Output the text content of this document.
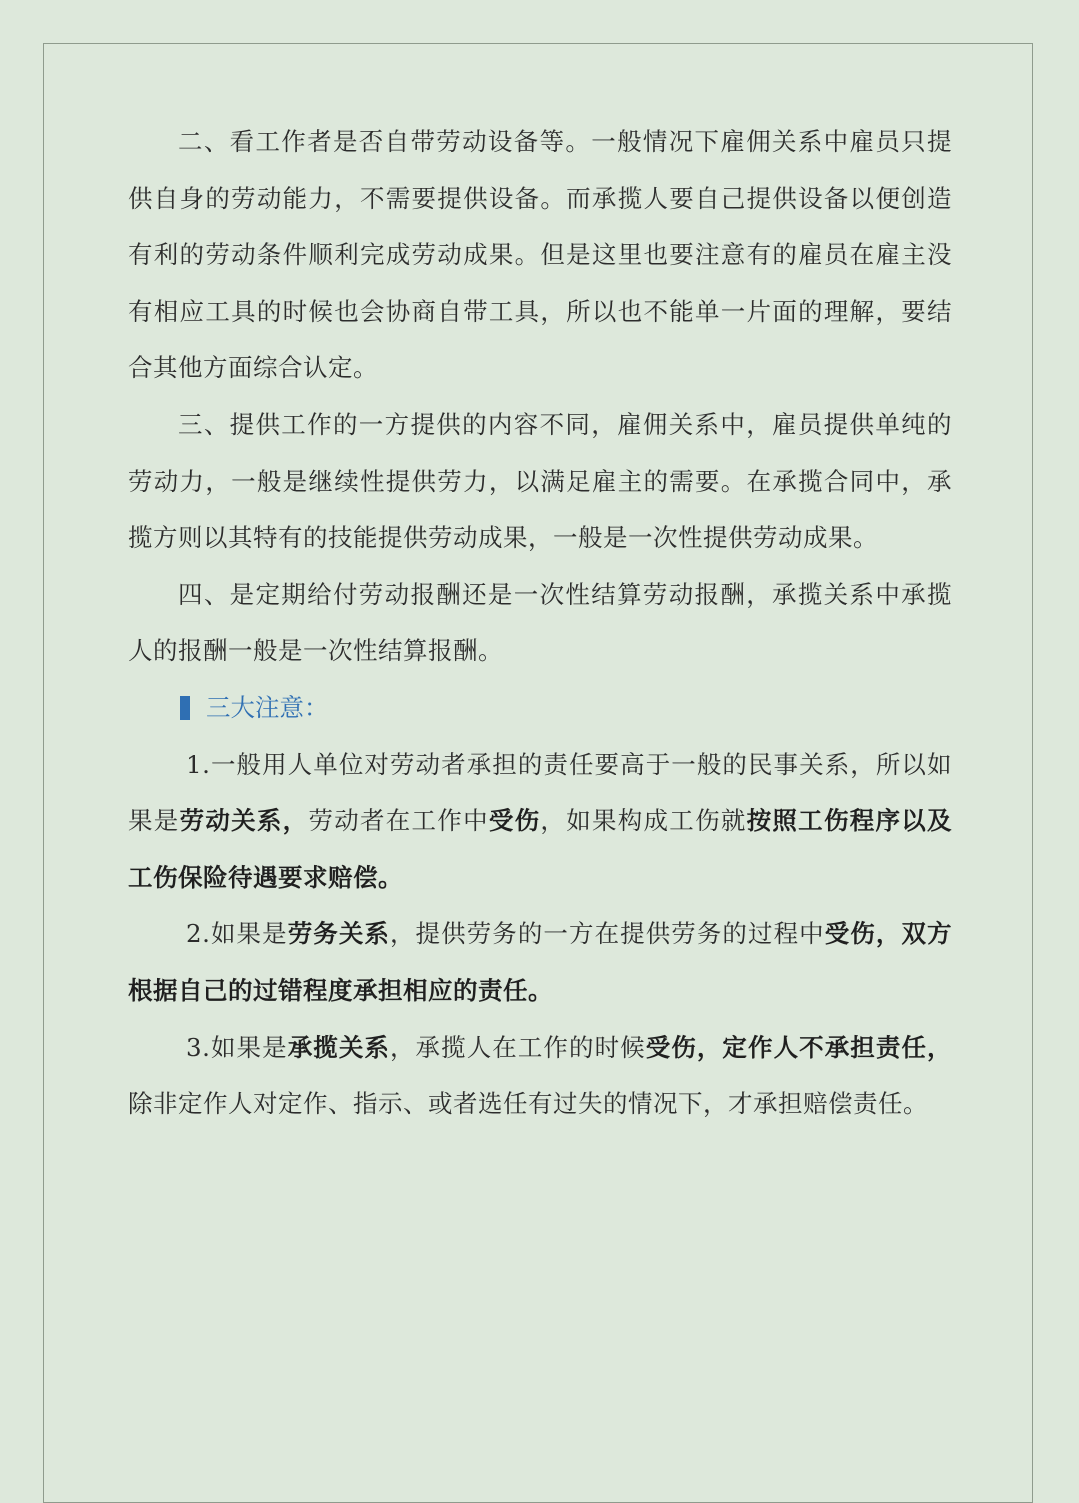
二、看工作者是否自带劳动设备等。一般情况下雇佣关系中雇员只提供自身的劳动能力，不需要提供设备。而承揽人要自己提供设备以便创造有利的劳动条件顺利完成劳动成果。但是这里也要注意有的雇员在雇主没有相应工具的时候也会协商自带工具，所以也不能单一片面的理解，要结合其他方面综合认定。

三、提供工作的一方提供的内容不同，雇佣关系中，雇员提供单纯的劳动力，一般是继续性提供劳力，以满足雇主的需要。在承揽合同中，承揽方则以其特有的技能提供劳动成果，一般是一次性提供劳动成果。

四、是定期给付劳动报酬还是一次性结算劳动报酬，承揽关系中承揽人的报酬一般是一次性结算报酬。

三大注意：

1.一般用人单位对劳动者承担的责任要高于一般的民事关系，所以如果是劳动关系，劳动者在工作中受伤，如果构成工伤就按照工伤程序以及工伤保险待遇要求赔偿。

2.如果是劳务关系，提供劳务的一方在提供劳务的过程中受伤，双方根据自己的过错程度承担相应的责任。

3.如果是承揽关系，承揽人在工作的时候受伤，定作人不承担责任，除非定作人对定作、指示、或者选任有过失的情况下，才承担赔偿责任。
